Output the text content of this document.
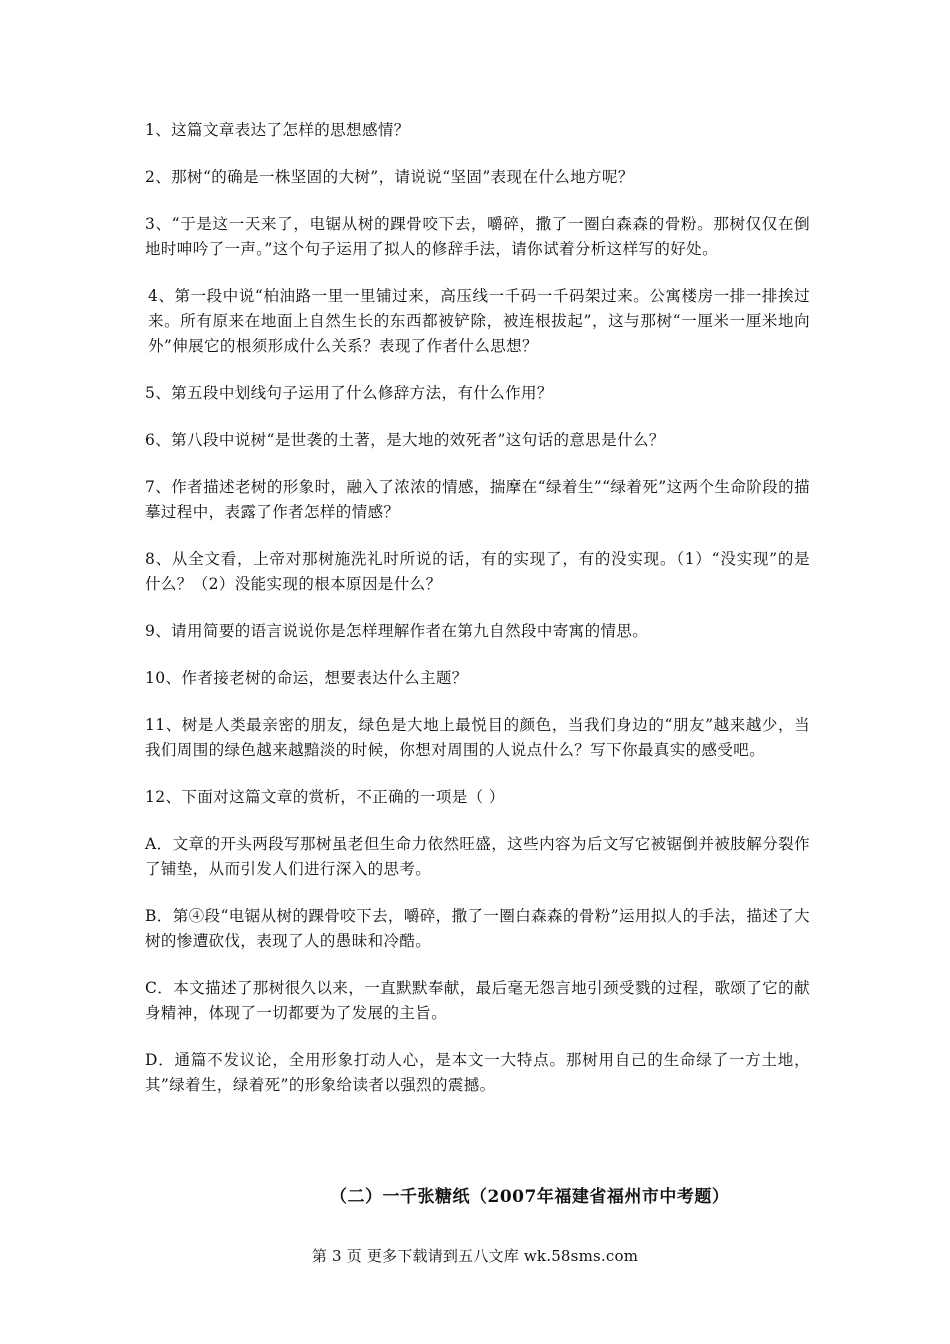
1、这篇文章表达了怎样的思想感情？

2、那树“的确是一株坚固的大树”，请说说“坚固”表现在什么地方呢？

3、“于是这一天来了，电锯从树的踝骨咬下去，嚼碎，撒了一圈白森森的骨粉。那树仅仅在倒地时呻吟了一声。”这个句子运用了拟人的修辞手法，请你试着分析这样写的好处。

4、第一段中说“柏油路一里一里铺过来，高压线一千码一千码架过来。公寓楼房一排一排挨过来。所有原来在地面上自然生长的东西都被铲除，被连根拔起”，这与那树“一厘米一厘米地向外”伸展它的根须形成什么关系？表现了作者什么思想？

5、第五段中划线句子运用了什么修辞方法，有什么作用？

6、第八段中说树“是世袭的土著，是大地的效死者”这句话的意思是什么？

7、作者描述老树的形象时，融入了浓浓的情感，揣摩在“绿着生”“绿着死”这两个生命阶段的描摹过程中，表露了作者怎样的情感？

8、从全文看，上帝对那树施洗礼时所说的话，有的实现了，有的没实现。（1）“没实现”的是什么？（2）没能实现的根本原因是什么？

9、请用简要的语言说说你是怎样理解作者在第九自然段中寄寓的情思。

10、作者接老树的命运，想要表达什么主题？

11、树是人类最亲密的朋友，绿色是大地上最悦目的颜色，当我们身边的“朋友”越来越少，当我们周围的绿色越来越黯淡的时候，你想对周围的人说点什么？写下你最真实的感受吧。

12、下面对这篇文章的赏析，不正确的一项是（ ）

A．文章的开头两段写那树虽老但生命力依然旺盛，这些内容为后文写它被锯倒并被肢解分裂作了铺垫，从而引发人们进行深入的思考。

B．第④段“电锯从树的踝骨咬下去，嚼碎，撒了一圈白森森的骨粉”运用拟人的手法，描述了大树的惨遭砍伐，表现了人的愚昧和冷酷。

C．本文描述了那树很久以来，一直默默奉献，最后毫无怨言地引颈受戮的过程，歌颂了它的献身精神，体现了一切都要为了发展的主旨。

D．通篇不发议论，全用形象打动人心，是本文一大特点。那树用自己的生命绿了一方土地，其”绿着生，绿着死”的形象给读者以强烈的震撼。

（二）一千张糖纸（2007年福建省福州市中考题）
第 3 页 更多下载请到五八文库 wk.58sms.com
